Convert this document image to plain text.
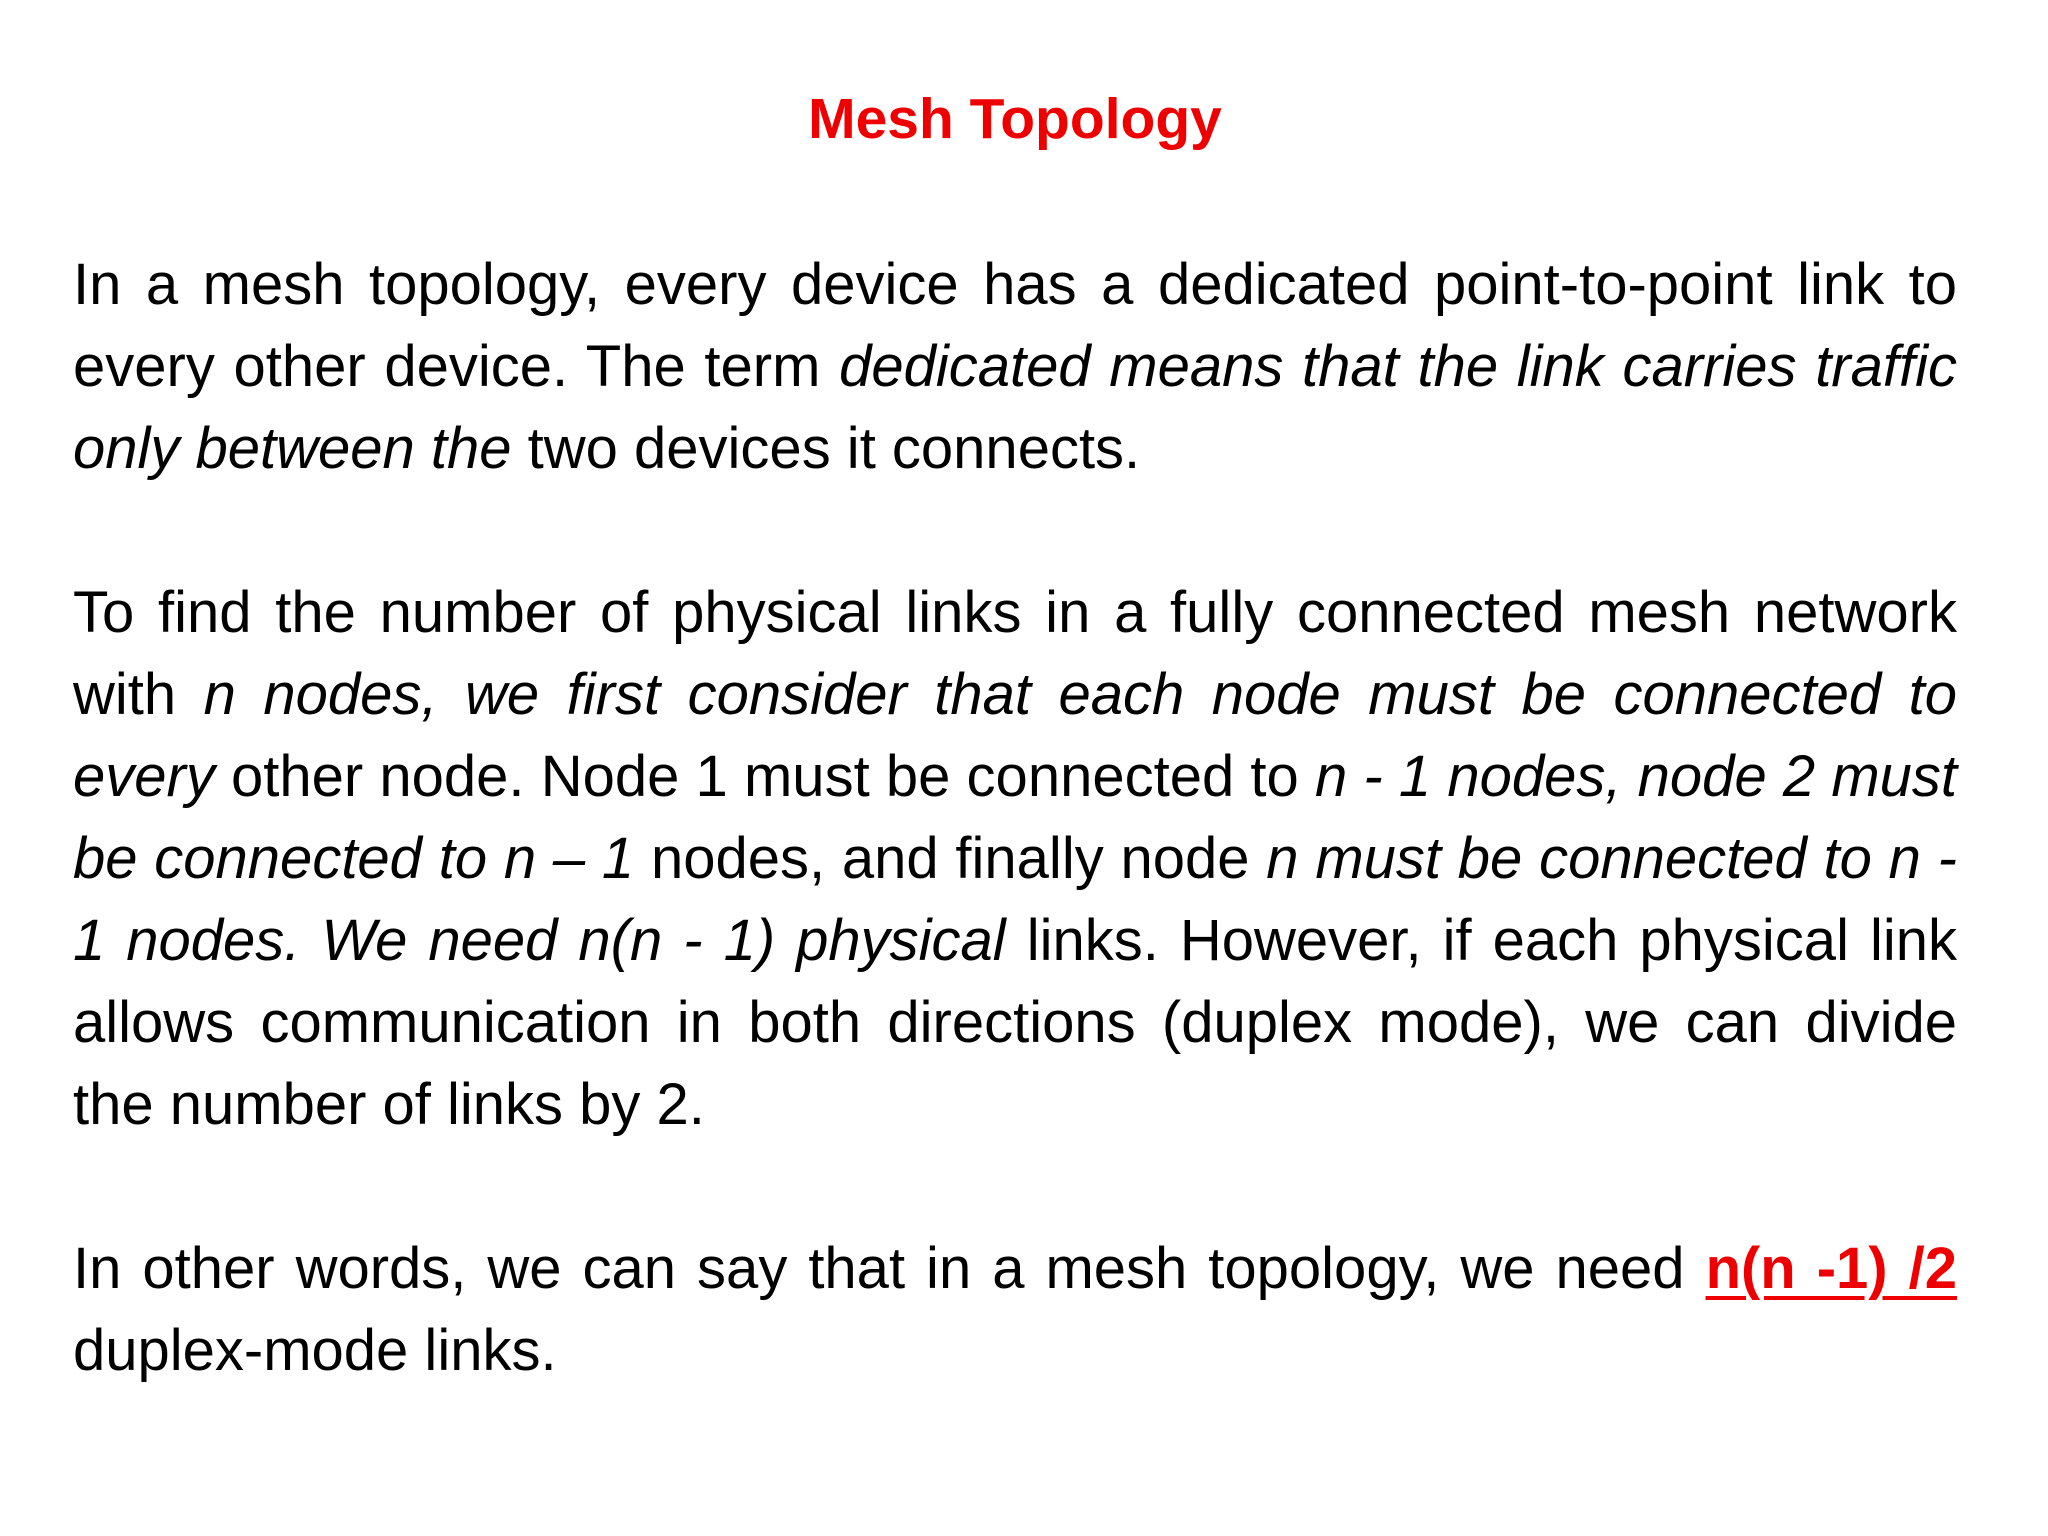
Mesh Topology

In a mesh topology, every device has a dedicated point-to-point link to every other device. The term dedicated means that the link carries traffic only between the two devices it connects.

To find the number of physical links in a fully connected mesh network with n nodes, we first consider that each node must be connected to every other node. Node 1 must be connected to n - 1 nodes, node 2 must be connected to n – 1 nodes, and finally node n must be connected to n - 1 nodes. We need n(n - 1) physical links. However, if each physical link allows communication in both directions (duplex mode), we can divide the number of links by 2.

In other words, we can say that in a mesh topology, we need n(n -1) /2 duplex-mode links.
